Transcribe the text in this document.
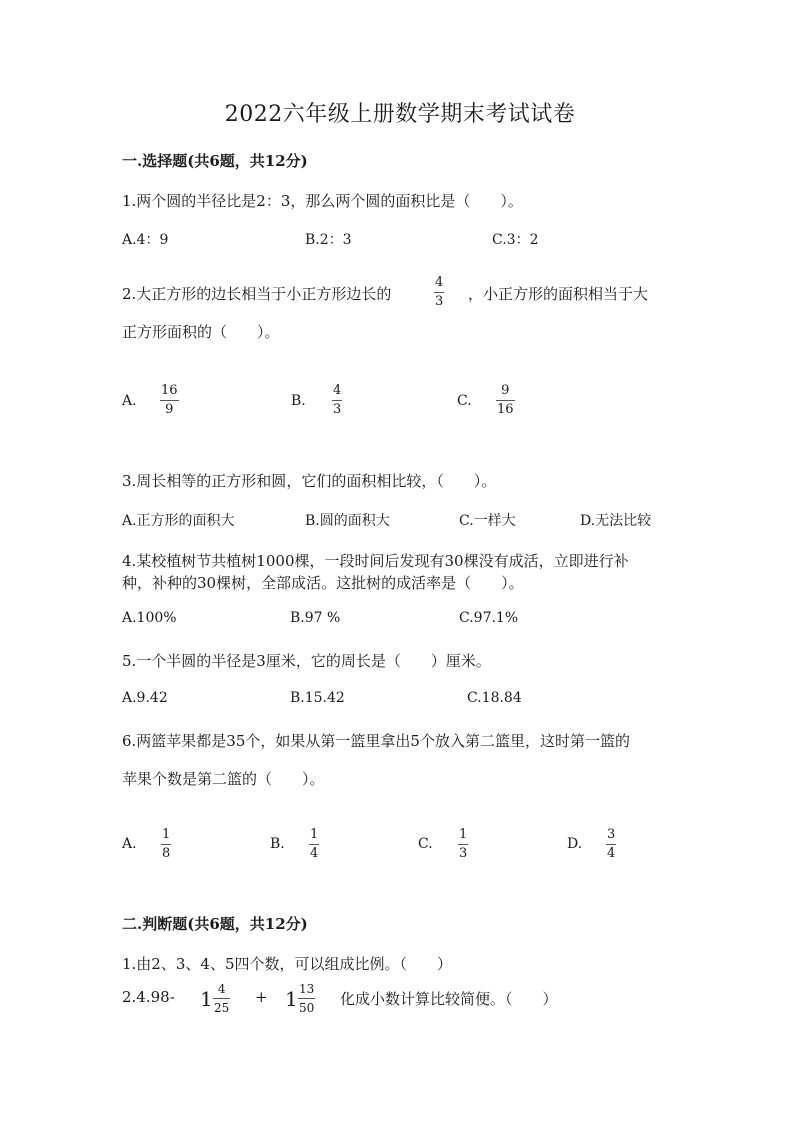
2022六年级上册数学期末考试试卷
一.选择题(共6题，共12分)
1.两个圆的半径比是2：3，那么两个圆的面积比是（　　）。
A.4：9	B.2：3	C.3：2
2.大正方形的边长相当于小正方形边长的
4
3 ，小正方形的面积相当于大
正方形面积的（　　）。
A.
16
9
B.
4
3
C.
9
16
3.周长相等的正方形和圆，它们的面积相比较，（　　）。
A.正方形的面积大	B.圆的面积大	C.一样大	D.无法比较
4.某校植树节共植树1000棵，一段时间后发现有30棵没有成活，立即进行补
种，补种的30棵树，全部成活。这批树的成活率是（　　）。
A.100%	B.97 %	C.97.1%
5.一个半圆的半径是3厘米，它的周长是（　　）厘米。
A.9.42	B.15.42	C.18.84
6.两篮苹果都是35个，如果从第一篮里拿出5个放入第二篮里，这时第一篮的
苹果个数是第二篮的（　　）。
A.
1
8
B.
1
4
C.
1
3
D.
3
4
二.判断题(共6题，共12分)
1.由2、3、4、5四个数，可以组成比例。（　　）
2.4.98- 1 4
25
+ 1 13
50 化成小数计算比较简便。（　　）
